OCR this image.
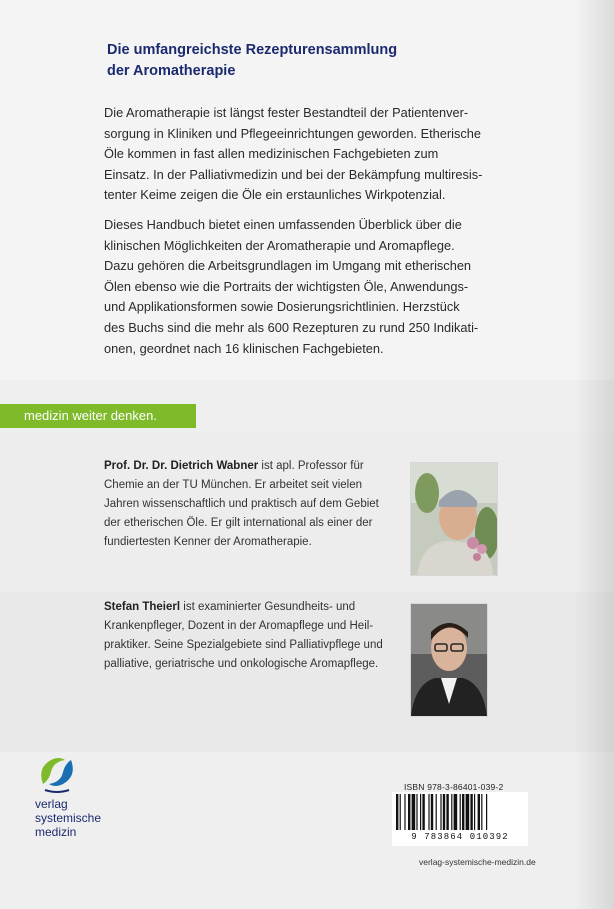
Die umfangreichste Rezepturensammlung
der Aromatherapie

Die Aromatherapie ist längst fester Bestandteil der Patientenver-
sorgung in Kliniken und Pflegeeinrichtungen geworden. Etherische
Öle kommen in fast allen medizinischen Fachgebieten zum
Einsatz. In der Palliativmedizin und bei der Bekämpfung multiresis-
tenter Keime zeigen die Öle ein erstaunliches Wirkpotenzial.

Dieses Handbuch bietet einen umfassenden Überblick über die
klinischen Möglichkeiten der Aromatherapie und Aromapflege.
Dazu gehören die Arbeitsgrundlagen im Umgang mit etherischen
Ölen ebenso wie die Portraits der wichtigsten Öle, Anwendungs-
und Applikationsformen sowie Dosierungsrichtlinien. Herzstück
des Buchs sind die mehr als 600 Rezepturen zu rund 250 Indikati-
onen, geordnet nach 16 klinischen Fachgebieten.

medizin weiter denken.

Prof. Dr. Dr. Dietrich Wabner ist apl. Professor für
Chemie an der TU München. Er arbeitet seit vielen
Jahren wissenschaftlich und praktisch auf dem Gebiet
der etherischen Öle. Er gilt international als einer der
fundiertesten Kenner der Aromatherapie.

Stefan Theierl ist examinierter Gesundheits- und
Krankenpfleger, Dozent in der Aromapflege und Heil-
praktiker. Seine Spezialgebiete sind Palliativpflege und
palliative, geriatrische und onkologische Aromapflege.

verlag
systemische
medizin

ISBN 978-3-86401-039-2
9 783864 010392
verlag-systemische-medizin.de
